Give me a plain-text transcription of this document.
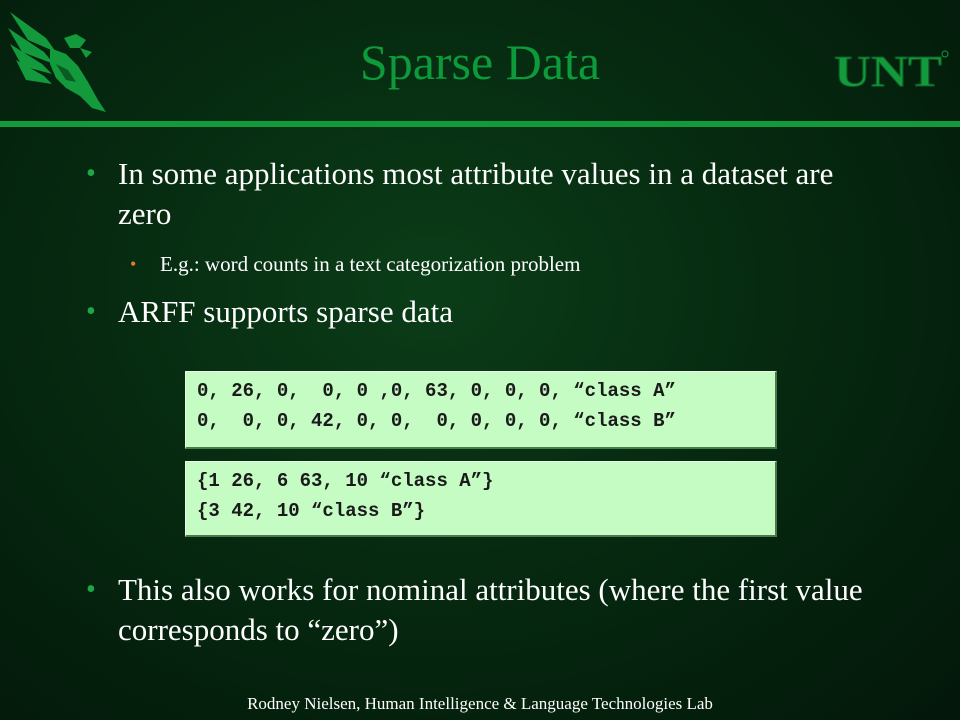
Sparse Data	UNT
• In some applications most attribute values in a dataset are zero
• E.g.: word counts in a text categorization problem
• ARFF supports sparse data
0, 26, 0,  0, 0 ,0, 63, 0, 0, 0, “class A”
0,  0, 0, 42, 0, 0,  0, 0, 0, 0, “class B”
{1 26, 6 63, 10 “class A”}
{3 42, 10 “class B”}
• This also works for nominal attributes (where the first value corresponds to “zero”)
Rodney Nielsen, Human Intelligence & Language Technologies Lab
